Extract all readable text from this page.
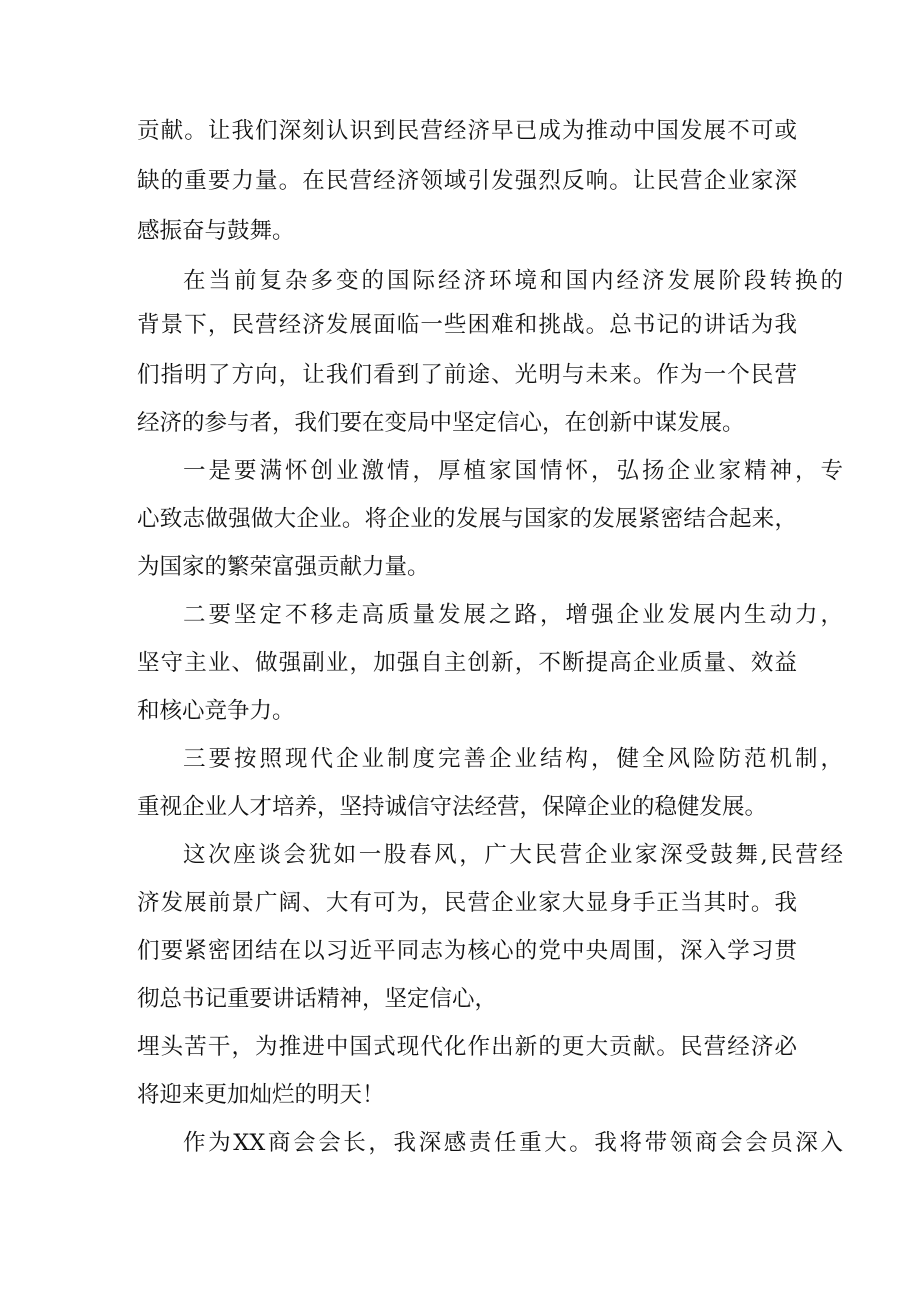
贡献。让我们深刻认识到民营经济早已成为推动中国发展不可或

缺的重要力量。在民营经济领域引发强烈反响。让民营企业家深

感振奋与鼓舞。

在当前复杂多变的国际经济环境和国内经济发展阶段转换的

背景下，民营经济发展面临一些困难和挑战。总书记的讲话为我

们指明了方向，让我们看到了前途、光明与未来。作为一个民营

经济的参与者，我们要在变局中坚定信心，在创新中谋发展。

一是要满怀创业激情，厚植家国情怀，弘扬企业家精神，专

心致志做强做大企业。将企业的发展与国家的发展紧密结合起来，

为国家的繁荣富强贡献力量。

二要坚定不移走高质量发展之路，增强企业发展内生动力，

坚守主业、做强副业，加强自主创新，不断提高企业质量、效益

和核心竞争力。

三要按照现代企业制度完善企业结构，健全风险防范机制，

重视企业人才培养，坚持诚信守法经营，保障企业的稳健发展。

这次座谈会犹如一股春风，广大民营企业家深受鼓舞,民营经

济发展前景广阔、大有可为，民营企业家大显身手正当其时。我

们要紧密团结在以习近平同志为核心的党中央周围，深入学习贯

彻总书记重要讲话精神，坚定信心，

埋头苦干，为推进中国式现代化作出新的更大贡献。民营经济必

将迎来更加灿烂的明天！

作为XX商会会长，我深感责任重大。我将带领商会会员深入
